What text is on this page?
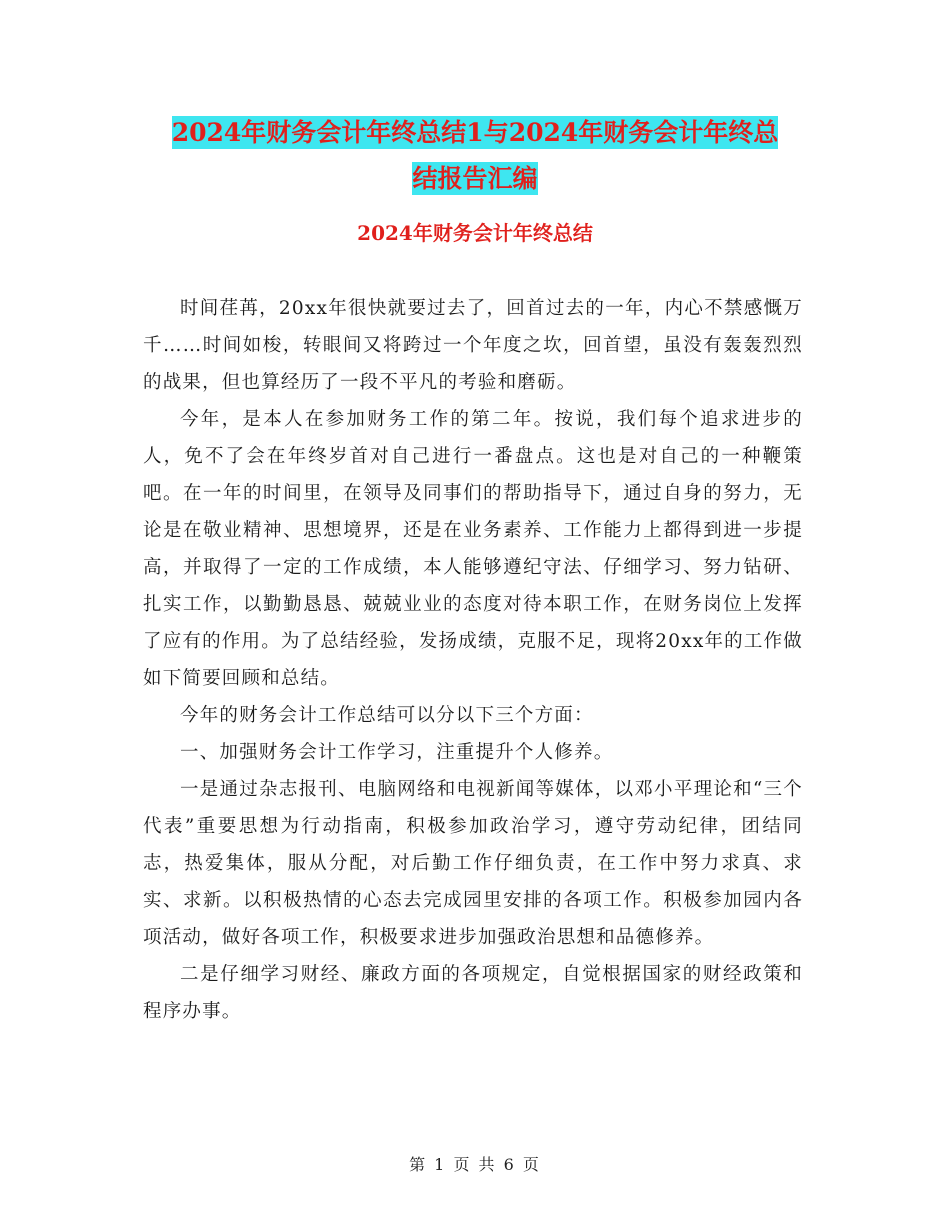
2024年财务会计年终总结1与2024年财务会计年终总
结报告汇编
2024年财务会计年终总结

时间荏苒，20xx年很快就要过去了，回首过去的一年，内心不禁感慨万千……时间如梭，转眼间又将跨过一个年度之坎，回首望，虽没有轰轰烈烈的战果，但也算经历了一段不平凡的考验和磨砺。

今年，是本人在参加财务工作的第二年。按说，我们每个追求进步的人，免不了会在年终岁首对自己进行一番盘点。这也是对自己的一种鞭策吧。在一年的时间里，在领导及同事们的帮助指导下，通过自身的努力，无论是在敬业精神、思想境界，还是在业务素养、工作能力上都得到进一步提高，并取得了一定的工作成绩，本人能够遵纪守法、仔细学习、努力钻研、扎实工作，以勤勤恳恳、兢兢业业的态度对待本职工作，在财务岗位上发挥了应有的作用。为了总结经验，发扬成绩，克服不足，现将20xx年的工作做如下简要回顾和总结。

今年的财务会计工作总结可以分以下三个方面：

一、加强财务会计工作学习，注重提升个人修养。

一是通过杂志报刊、电脑网络和电视新闻等媒体，以邓小平理论和“三个代表”重要思想为行动指南，积极参加政治学习，遵守劳动纪律，团结同志，热爱集体，服从分配，对后勤工作仔细负责，在工作中努力求真、求实、求新。以积极热情的心态去完成园里安排的各项工作。积极参加园内各项活动，做好各项工作，积极要求进步加强政治思想和品德修养。

二是仔细学习财经、廉政方面的各项规定，自觉根据国家的财经政策和程序办事。

第 1 页 共 6 页
